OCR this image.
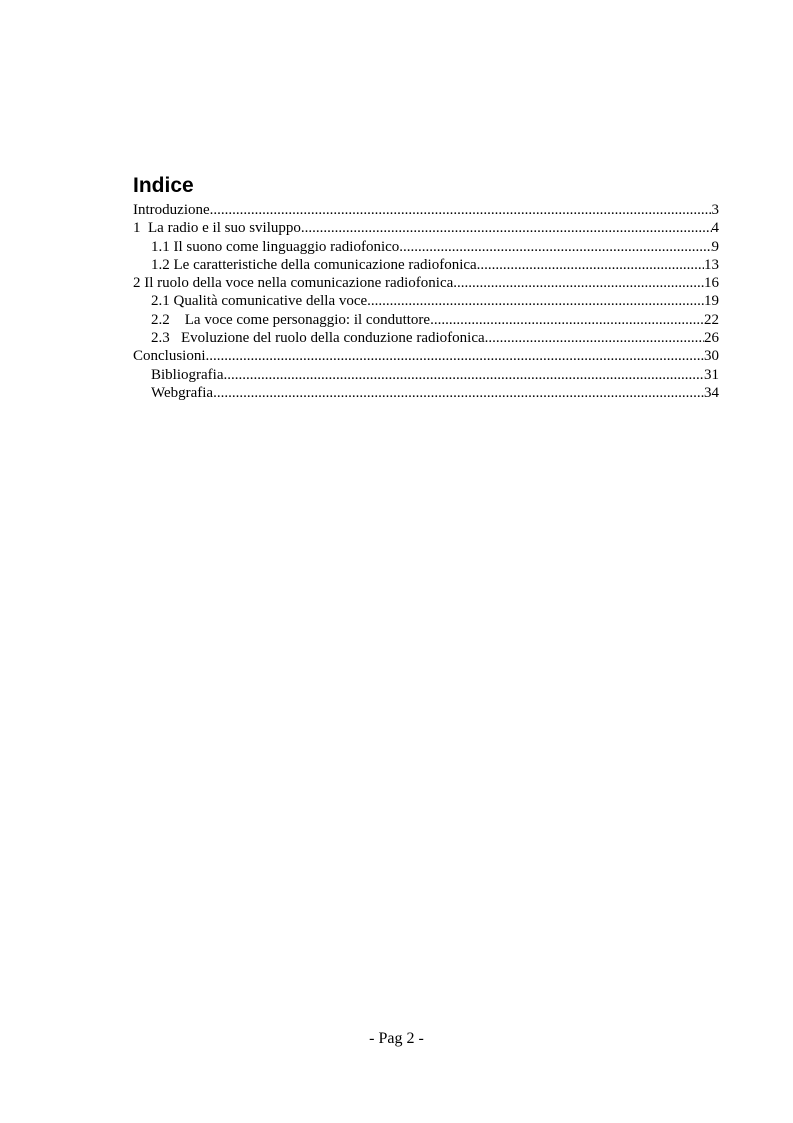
Indice
Introduzione .....	3
1  La radio e il suo sviluppo .....	4
1.1 Il suono come linguaggio radiofonico .....	9
1.2 Le caratteristiche della comunicazione radiofonica .....	13
2 Il ruolo della voce nella comunicazione radiofonica .....	16
2.1 Qualità comunicative della voce .....	19
2.2    La voce come personaggio: il conduttore .....	22
2.3   Evoluzione del ruolo della conduzione radiofonica .....	26
Conclusioni .....	30
Bibliografia .....	31
Webgrafia .....	34
- Pag 2 -
